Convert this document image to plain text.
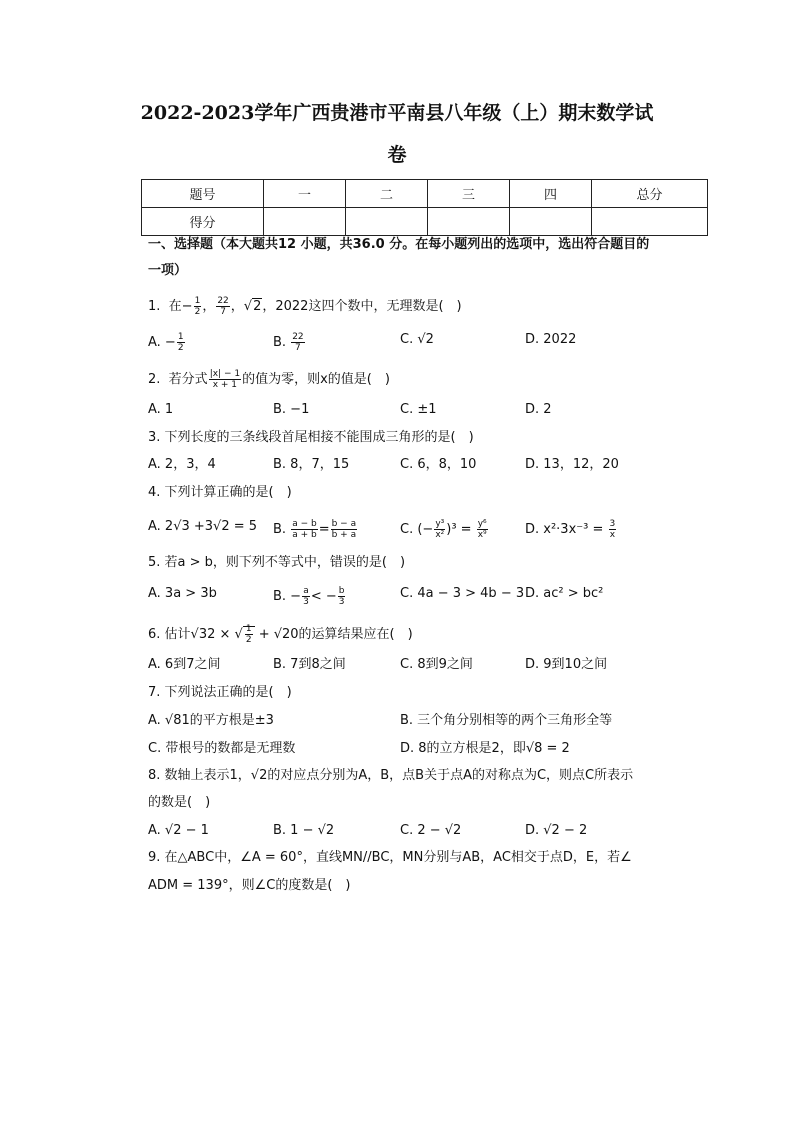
2022-2023学年广西贵港市平南县八年级（上）期末数学试
卷
题号	一	二	三	四	总分
得分					
一、选择题（本大题共12 小题，共36.0 分。在每小题列出的选项中，选出符合题目的
一项）
1. 在− $\frac{1}{2}$ ， $\frac{22}{7}$ ，√2，2022这四个数中，无理数是(　)
A. − $\frac{1}{2}$	B. $\frac{22}{7}$	C. √2	D. 2022
2. 若分式 $\frac{|x| - 1}{x + 1}$ 的值为零，则x的值是(　)
A. 1	B. −1	C. ±1	D. 2
3. 下列长度的三条线段首尾相接不能围成三角形的是(　)
A. 2，3，4	B. 8，7，15	C. 6，8，10	D. 13，12，20
4. 下列计算正确的是(　)
A. 2√3 +3√2 = 5 B. $\frac{a - b}{a + b} = \frac{b - a}{b + a}$	C. (− $\frac{\text{y³}}{\text{x²}} )^3 = \frac{\text{y⁶}}{\text{x⁹}}$	D. $x^2\cdot 3x^{-3} = \frac{3}{x}$
5. 若a > b，则下列不等式中，错误的是(　)
A. 3a > 3b	B. − $\frac{a}{3}$ < − $\frac{b}{3}$	C. 4a − 3 > 4b − 3 D. ac² > bc²
6. 估计√32 × √ $\frac{1}{2} + √20$的运算结果应在(　)
A. 6到7之间	B. 7到8之间	C. 8到9之间	D. 9到10之间
7. 下列说法正确的是(　)
A. √81的平方根是±3	B. 三个角分别相等的两个三角形全等
C. 带根号的数都是无理数	D. 8的立方根是2，即√8 = 2
8. 数轴上表示1，√2的对应点分别为A，B，点B关于点A的对称点为C，则点C所表示
的数是(　)
A. √2 − 1	B. 1 − √2	C. 2 − √2	D. √2 − 2
9. 在△ABC中，∠A = 60°，直线MN//BC，MN分别与AB，AC相交于点D，E，若∠
ADM = 139°，则∠C的度数是(　)
